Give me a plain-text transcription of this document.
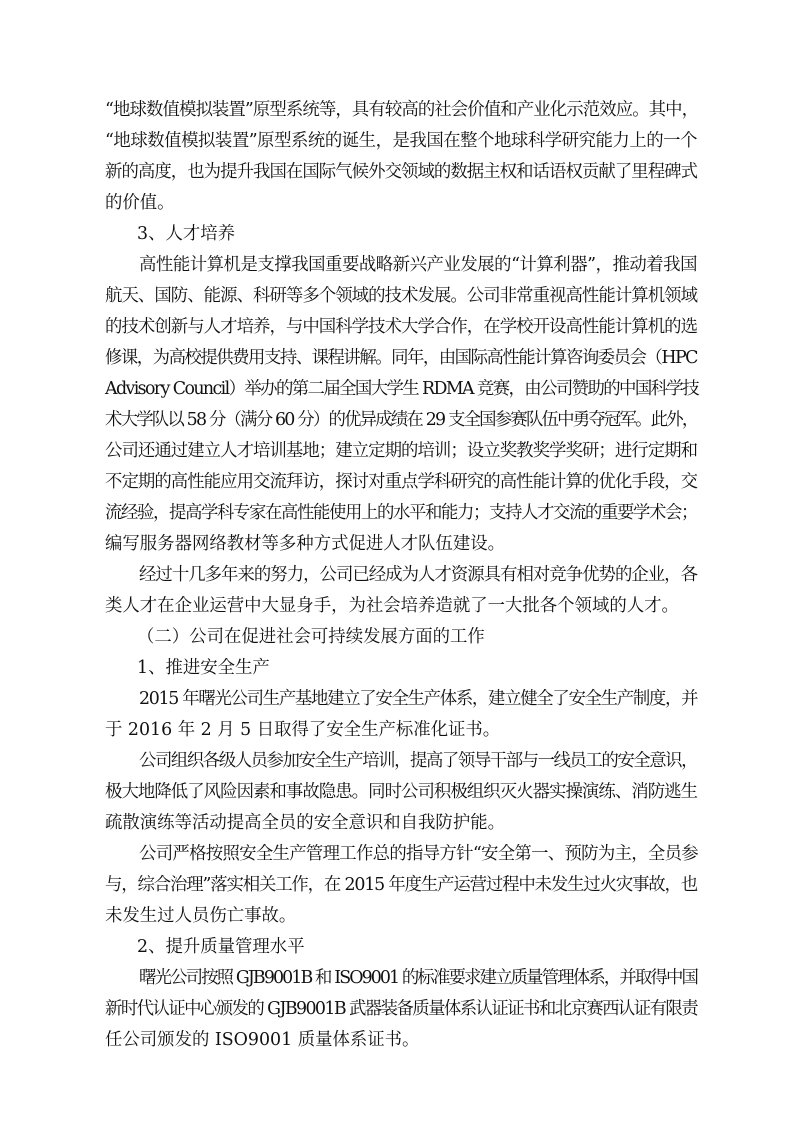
“地球数值模拟装置”原型系统等，具有较高的社会价值和产业化示范效应。其中，
“地球数值模拟装置”原型系统的诞生，是我国在整个地球科学研究能力上的一个
新的高度，也为提升我国在国际气候外交领域的数据主权和话语权贡献了里程碑式
的价值。
3、人才培养
高性能计算机是支撑我国重要战略新兴产业发展的“计算利器”，推动着我国
航天、国防、能源、科研等多个领域的技术发展。公司非常重视高性能计算机领域
的技术创新与人才培养，与中国科学技术大学合作，在学校开设高性能计算机的选
修课，为高校提供费用支持、课程讲解。同年，由国际高性能计算咨询委员会（HPC
Advisory Council）举办的第二届全国大学生 RDMA 竞赛，由公司赞助的中国科学技
术大学队以 58 分（满分 60 分）的优异成绩在 29 支全国参赛队伍中勇夺冠军。此外，
公司还通过建立人才培训基地；建立定期的培训；设立奖教奖学奖研；进行定期和
不定期的高性能应用交流拜访，探讨对重点学科研究的高性能计算的优化手段，交
流经验，提高学科专家在高性能使用上的水平和能力；支持人才交流的重要学术会；
编写服务器网络教材等多种方式促进人才队伍建设。
经过十几多年来的努力，公司已经成为人才资源具有相对竞争优势的企业，各
类人才在企业运营中大显身手，为社会培养造就了一大批各个领域的人才。
（二）公司在促进社会可持续发展方面的工作
1、推进安全生产
2015 年曙光公司生产基地建立了安全生产体系，建立健全了安全生产制度，并
于 2016 年 2 月 5 日取得了安全生产标准化证书。
公司组织各级人员参加安全生产培训，提高了领导干部与一线员工的安全意识，
极大地降低了风险因素和事故隐患。同时公司积极组织灭火器实操演练、消防逃生
疏散演练等活动提高全员的安全意识和自我防护能。
公司严格按照安全生产管理工作总的指导方针“安全第一、预防为主，全员参
与，综合治理”落实相关工作，在 2015 年度生产运营过程中未发生过火灾事故，也
未发生过人员伤亡事故。
2、提升质量管理水平
曙光公司按照 GJB9001B 和 ISO9001 的标准要求建立质量管理体系，并取得中国
新时代认证中心颁发的 GJB9001B 武器装备质量体系认证证书和北京赛西认证有限责
任公司颁发的 ISO9001 质量体系证书。
